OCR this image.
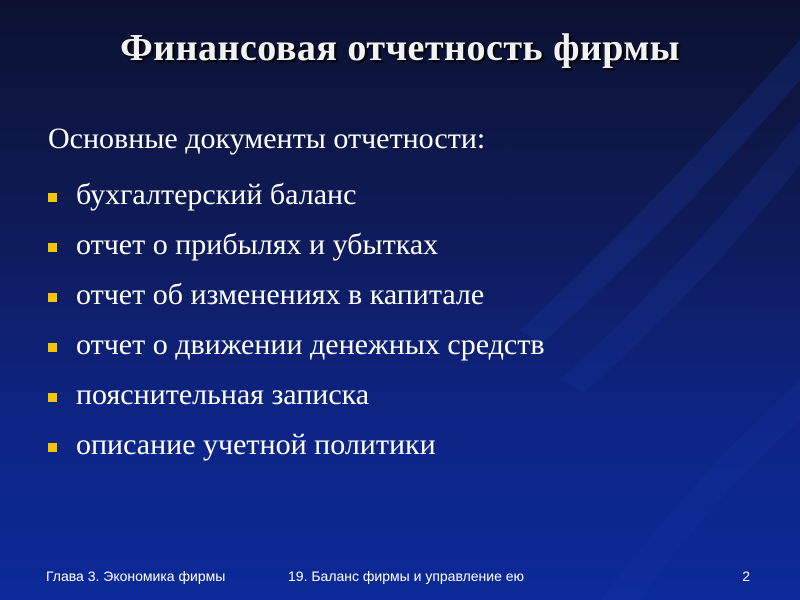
Финансовая отчетность фирмы
Основные документы отчетности:
бухгалтерский баланс
отчет о прибылях и убытках
отчет об изменениях в капитале
отчет о движении денежных средств
пояснительная записка
описание учетной политики
Глава 3. Экономика фирмы	19. Баланс фирмы и управление ею	2
